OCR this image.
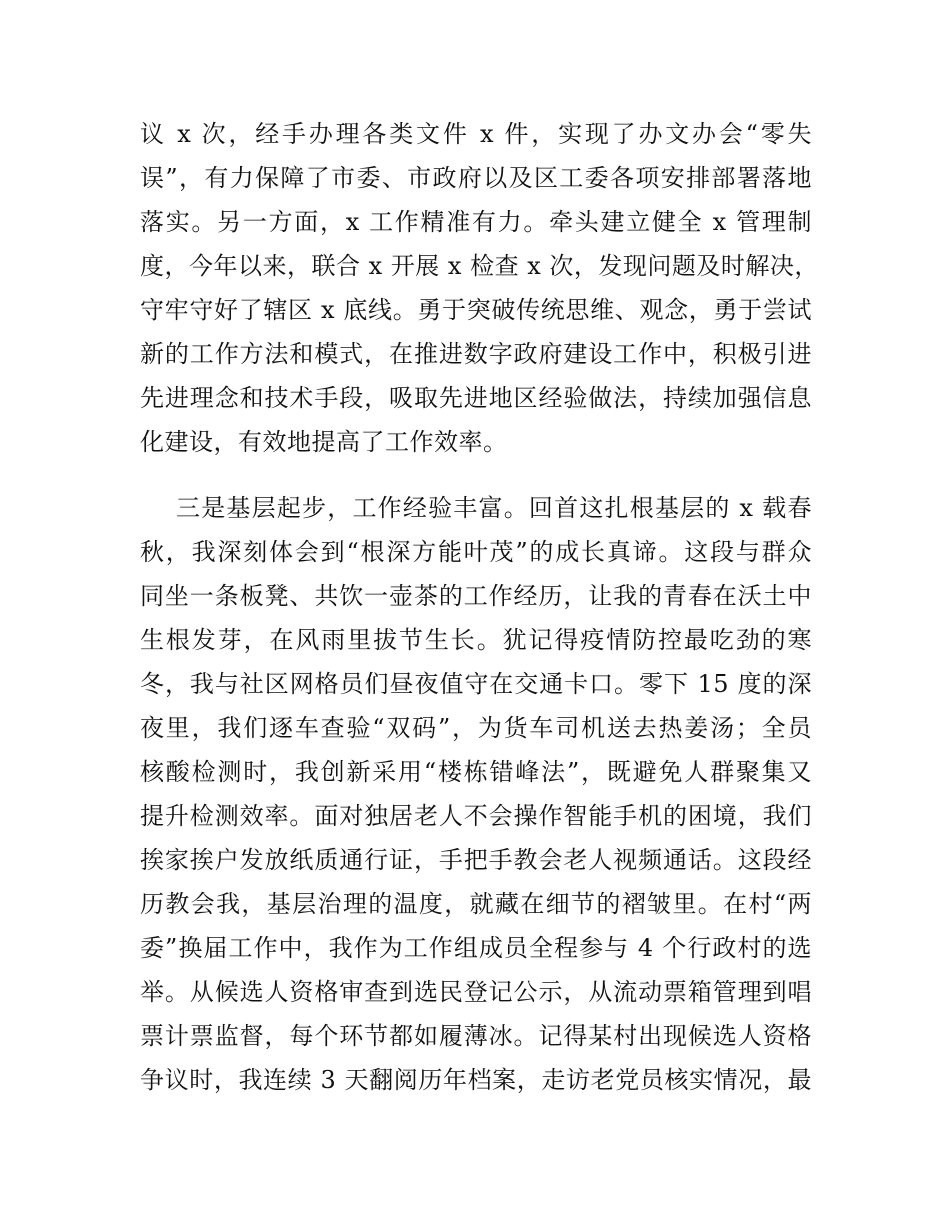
议 x 次，经手办理各类文件 x 件，实现了办文办会“零失
误”，有力保障了市委、市政府以及区工委各项安排部署落地
落实。另一方面，x 工作精准有力。牵头建立健全 x 管理制
度，今年以来，联合 x 开展 x 检查 x 次，发现问题及时解决，
守牢守好了辖区 x 底线。勇于突破传统思维、观念，勇于尝试
新的工作方法和模式，在推进数字政府建设工作中，积极引进
先进理念和技术手段，吸取先进地区经验做法，持续加强信息
化建设，有效地提高了工作效率。
三是基层起步，工作经验丰富。回首这扎根基层的 x 载春
秋，我深刻体会到“根深方能叶茂”的成长真谛。这段与群众
同坐一条板凳、共饮一壶茶的工作经历，让我的青春在沃土中
生根发芽，在风雨里拔节生长。犹记得疫情防控最吃劲的寒
冬，我与社区网格员们昼夜值守在交通卡口。零下 15 度的深
夜里，我们逐车查验“双码”，为货车司机送去热姜汤；全员
核酸检测时，我创新采用“楼栋错峰法”，既避免人群聚集又
提升检测效率。面对独居老人不会操作智能手机的困境，我们
挨家挨户发放纸质通行证，手把手教会老人视频通话。这段经
历教会我，基层治理的温度，就藏在细节的褶皱里。在村“两
委”换届工作中，我作为工作组成员全程参与 4 个行政村的选
举。从候选人资格审查到选民登记公示，从流动票箱管理到唱
票计票监督，每个环节都如履薄冰。记得某村出现候选人资格
争议时，我连续 3 天翻阅历年档案，走访老党员核实情况，最
